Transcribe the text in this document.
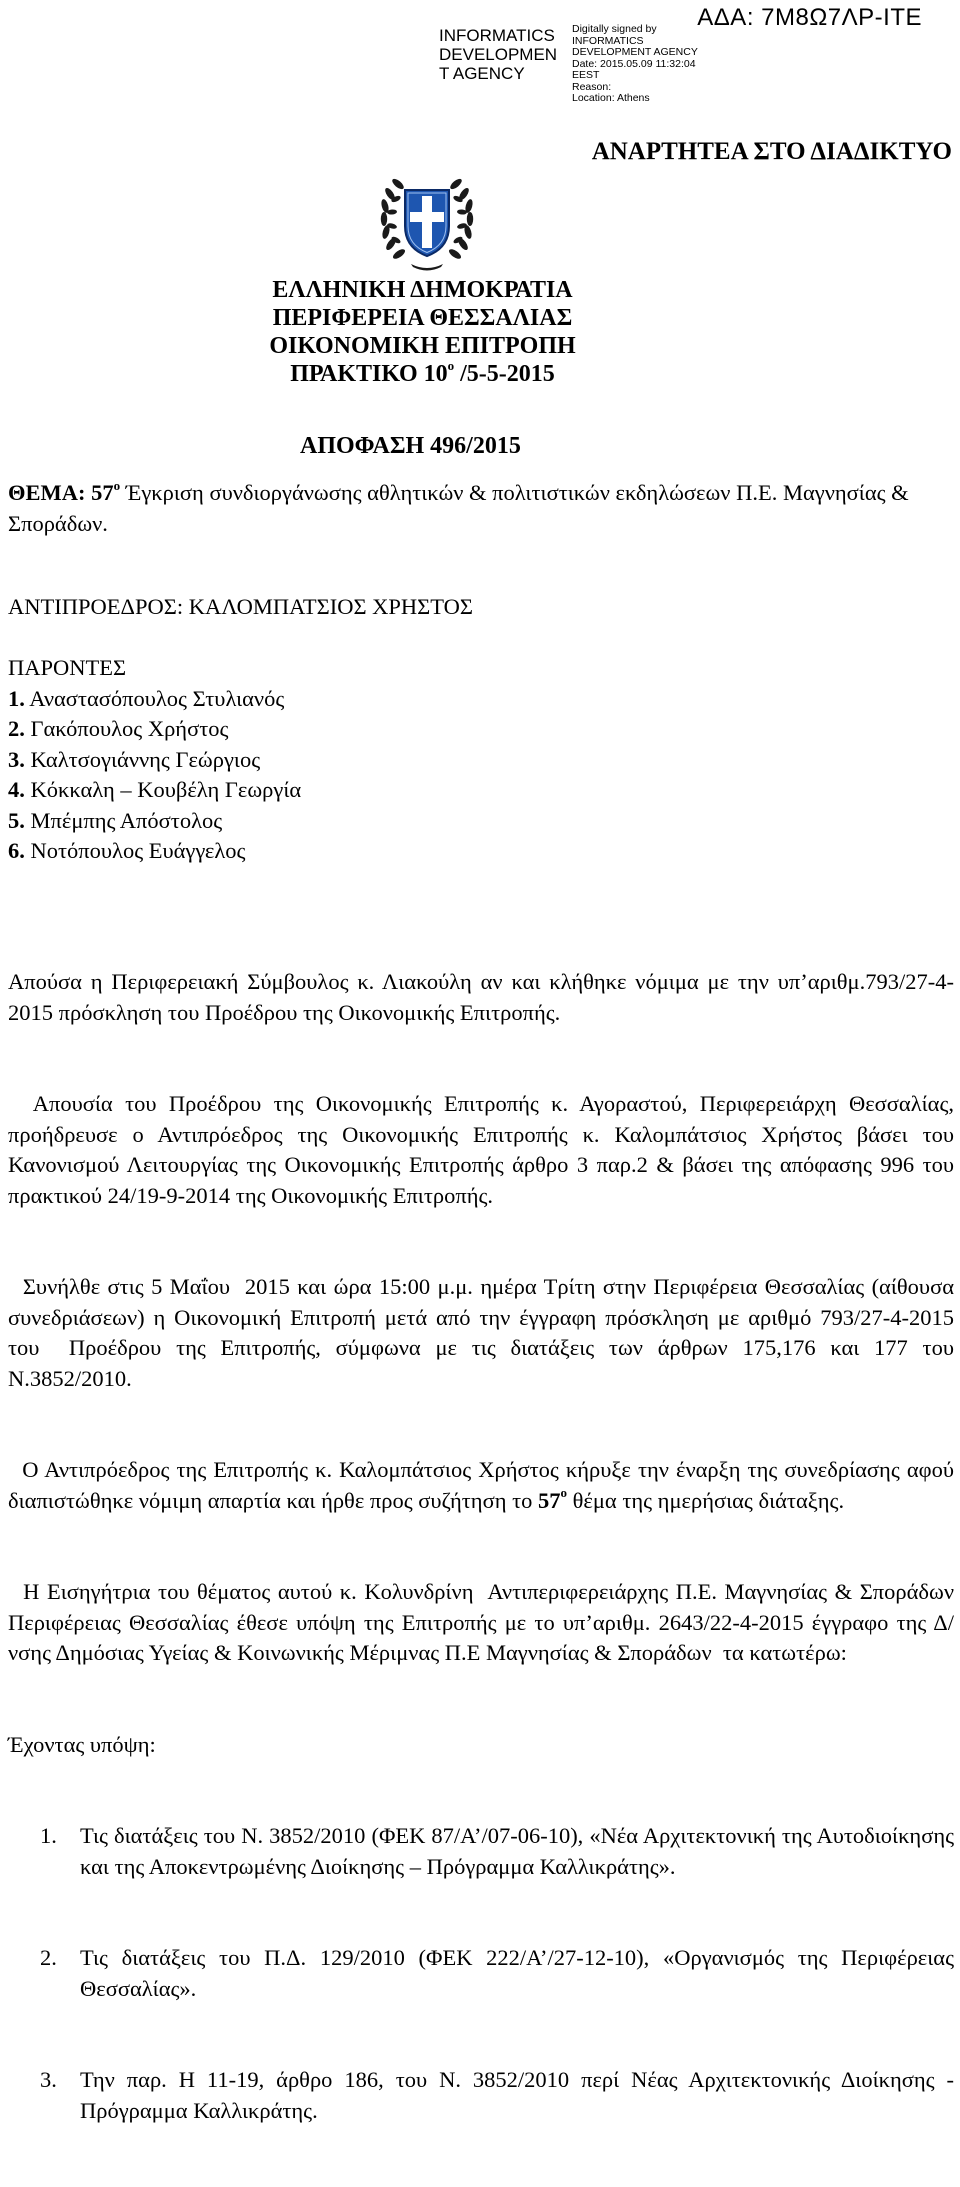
INFORMATICS
DEVELOPMEN
T AGENCY
Digitally signed by
INFORMATICS
DEVELOPMENT AGENCY
Date: 2015.05.09 11:32:04
EEST
Reason:
Location: Athens
ΑΔΑ: 7Μ8Ω7ΛΡ-ΙΤΕ
ΑΝΑΡΤΗΤΕΑ ΣΤΟ ΔΙΑΔΙΚΤΥΟ
ΕΛΛΗΝΙΚΗ ΔΗΜΟΚΡΑΤΙΑ
ΠΕΡΙΦΕΡΕΙΑ ΘΕΣΣΑΛΙΑΣ
ΟΙΚΟΝΟΜΙΚΗ ΕΠΙΤΡΟΠΗ
ΠΡΑΚΤΙΚΟ $10^o$ /5-5-2015
ΑΠΟΦΑΣΗ 496/2015
ΘΕΜΑ: $57^o$ Έγκριση συνδιοργάνωσης αθλητικών & πολιτιστικών εκδηλώσεων Π.Ε. Μαγνησίας & Σποράδων.
ΑΝΤΙΠΡΟΕΔΡΟΣ: ΚΑΛΟΜΠΑΤΣΙΟΣ ΧΡΗΣΤΟΣ
ΠΑΡΟΝΤΕΣ
1. Αναστασόπουλος Στυλιανός
2. Γακόπουλος Χρήστος
3. Καλτσογιάννης Γεώργιος
4. Κόκκαλη – Κουβέλη Γεωργία
5. Μπέμπης Απόστολος
6. Νοτόπουλος Ευάγγελος

Απούσα η Περιφερειακή Σύμβουλος κ. Λιακούλη αν και κλήθηκε νόμιμα με την υπ’αριθμ.793/27-4-2015 πρόσκληση του Προέδρου της Οικονομικής Επιτροπής.

Απουσία του Προέδρου της Οικονομικής Επιτροπής κ. Αγοραστού, Περιφερειάρχη Θεσσαλίας, προήδρευσε ο Αντιπρόεδρος της Οικονομικής Επιτροπής κ. Καλομπάτσιος Χρήστος βάσει του Κανονισμού Λειτουργίας της Οικονομικής Επιτροπής άρθρο 3 παρ.2 & βάσει της απόφασης 996 του πρακτικού 24/19-9-2014 της Οικονομικής Επιτροπής.

Συνήλθε στις 5 Μαΐου  2015 και ώρα 15:00 μ.μ. ημέρα Τρίτη στην Περιφέρεια Θεσσαλίας (αίθουσα συνεδριάσεων) η Οικονομική Επιτροπή μετά από την έγγραφη πρόσκληση με αριθμό 793/27-4-2015 του  Προέδρου της Επιτροπής, σύμφωνα με τις διατάξεις των άρθρων 175,176 και 177 του Ν.3852/2010.

Ο Αντιπρόεδρος της Επιτροπής κ. Καλομπάτσιος Χρήστος κήρυξε την έναρξη της συνεδρίασης αφού διαπιστώθηκε νόμιμη απαρτία και ήρθε προς συζήτηση το $57^o$ θέμα της ημερήσιας διάταξης.

Η Εισηγήτρια του θέματος αυτού κ. Κολυνδρίνη  Αντιπεριφερειάρχης Π.Ε. Μαγνησίας & Σποράδων Περιφέρειας Θεσσαλίας έθεσε υπόψη της Επιτροπής με το υπ’αριθμ. 2643/22-4-2015 έγγραφο της Δ/νσης Δημόσιας Υγείας & Κοινωνικής Μέριμνας Π.Ε Μαγνησίας & Σποράδων  τα κατωτέρω:

Έχοντας υπόψη:

1.	Τις διατάξεις του Ν. 3852/2010 (ΦΕΚ 87/Α’/07-06-10), «Νέα Αρχιτεκτονική της Αυτοδιοίκησης και της Αποκεντρωμένης Διοίκησης – Πρόγραμμα Καλλικράτης».

2.	Τις διατάξεις του Π.Δ. 129/2010 (ΦΕΚ 222/Α’/27-12-10), «Οργανισμός της Περιφέρειας Θεσσαλίας».

3.	Την παρ. Η 11-19, άρθρο 186, του Ν. 3852/2010 περί Νέας Αρχιτεκτονικής Διοίκησης - Πρόγραμμα Καλλικράτης.
